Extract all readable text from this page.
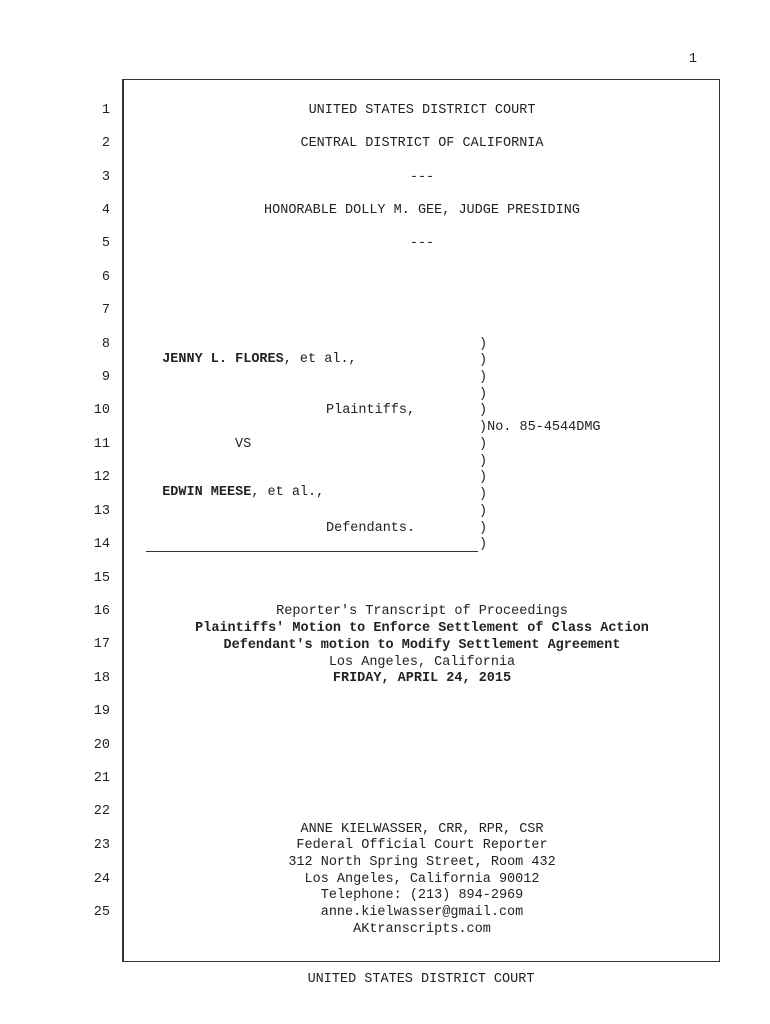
1
1
2
3
4
5
6
7
8
9
10
11
12
13
14
15
16
17
18
19
20
21
22
23
24
25
UNITED STATES DISTRICT COURT
CENTRAL DISTRICT OF CALIFORNIA
---
HONORABLE DOLLY M. GEE, JUDGE PRESIDING
---

JENNY L. FLORES, et al.,

Plaintiffs,
VS

EDWIN MEESE, et al.,

Defendants.
)
)
)
)
)
)No. 85-4544DMG
)
)
)
)
)
)
)
Reporter's Transcript of Proceedings
Plaintiffs' Motion to Enforce Settlement of Class Action
Defendant's motion to Modify Settlement Agreement
Los Angeles, California
FRIDAY, APRIL 24, 2015
ANNE KIELWASSER, CRR, RPR, CSR
Federal Official Court Reporter
312 North Spring Street, Room 432
Los Angeles, California 90012
Telephone: (213) 894-2969
anne.kielwasser@gmail.com
AKtranscripts.com
UNITED STATES DISTRICT COURT
